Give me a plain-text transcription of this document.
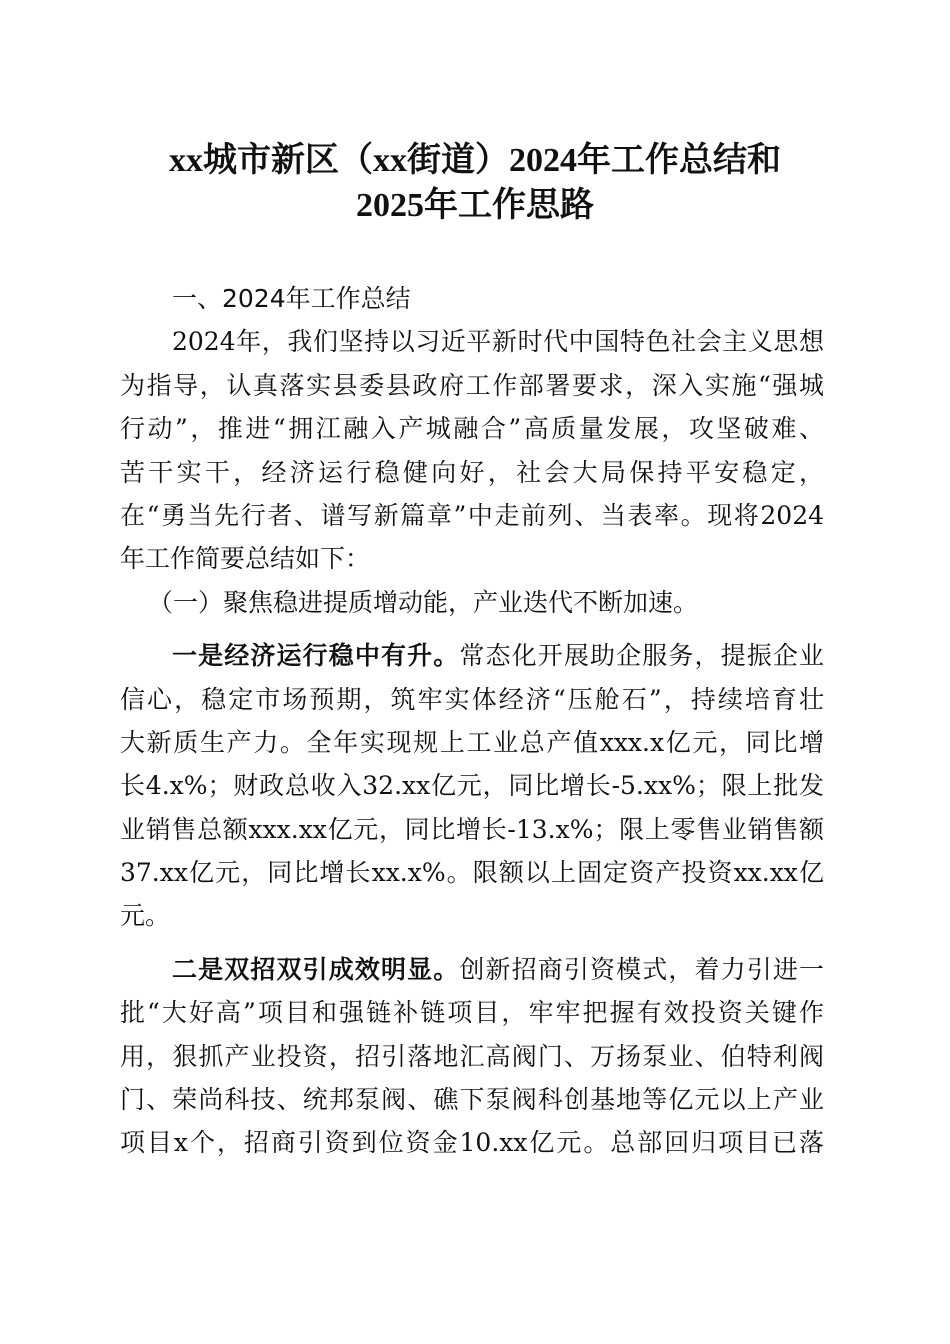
xx城市新区（xx街道）2024年工作总结和
2025年工作思路
一、2024年工作总结
2024年，我们坚持以习近平新时代中国特色社会主义思想
为指导，认真落实县委县政府工作部署要求，深入实施“强城
行动”，推进“拥江融入产城融合”高质量发展，攻坚破难、
苦干实干，经济运行稳健向好，社会大局保持平安稳定，
在“勇当先行者、谱写新篇章”中走前列、当表率。现将2024
年工作简要总结如下：
（一）聚焦稳进提质增动能，产业迭代不断加速。
一是经济运行稳中有升。常态化开展助企服务，提振企业
信心，稳定市场预期，筑牢实体经济“压舱石”，持续培育壮
大新质生产力。全年实现规上工业总产值xxx.x亿元，同比增
长4.x%；财政总收入32.xx亿元，同比增长-5.xx%；限上批发
业销售总额xxx.xx亿元，同比增长-13.x%；限上零售业销售额
37.xx亿元，同比增长xx.x%。限额以上固定资产投资xx.xx亿
元。
二是双招双引成效明显。创新招商引资模式，着力引进一
批“大好高”项目和强链补链项目，牢牢把握有效投资关键作
用，狠抓产业投资，招引落地汇高阀门、万扬泵业、伯特利阀
门、荣尚科技、统邦泵阀、礁下泵阀科创基地等亿元以上产业
项目x个，招商引资到位资金10.xx亿元。总部回归项目已落
